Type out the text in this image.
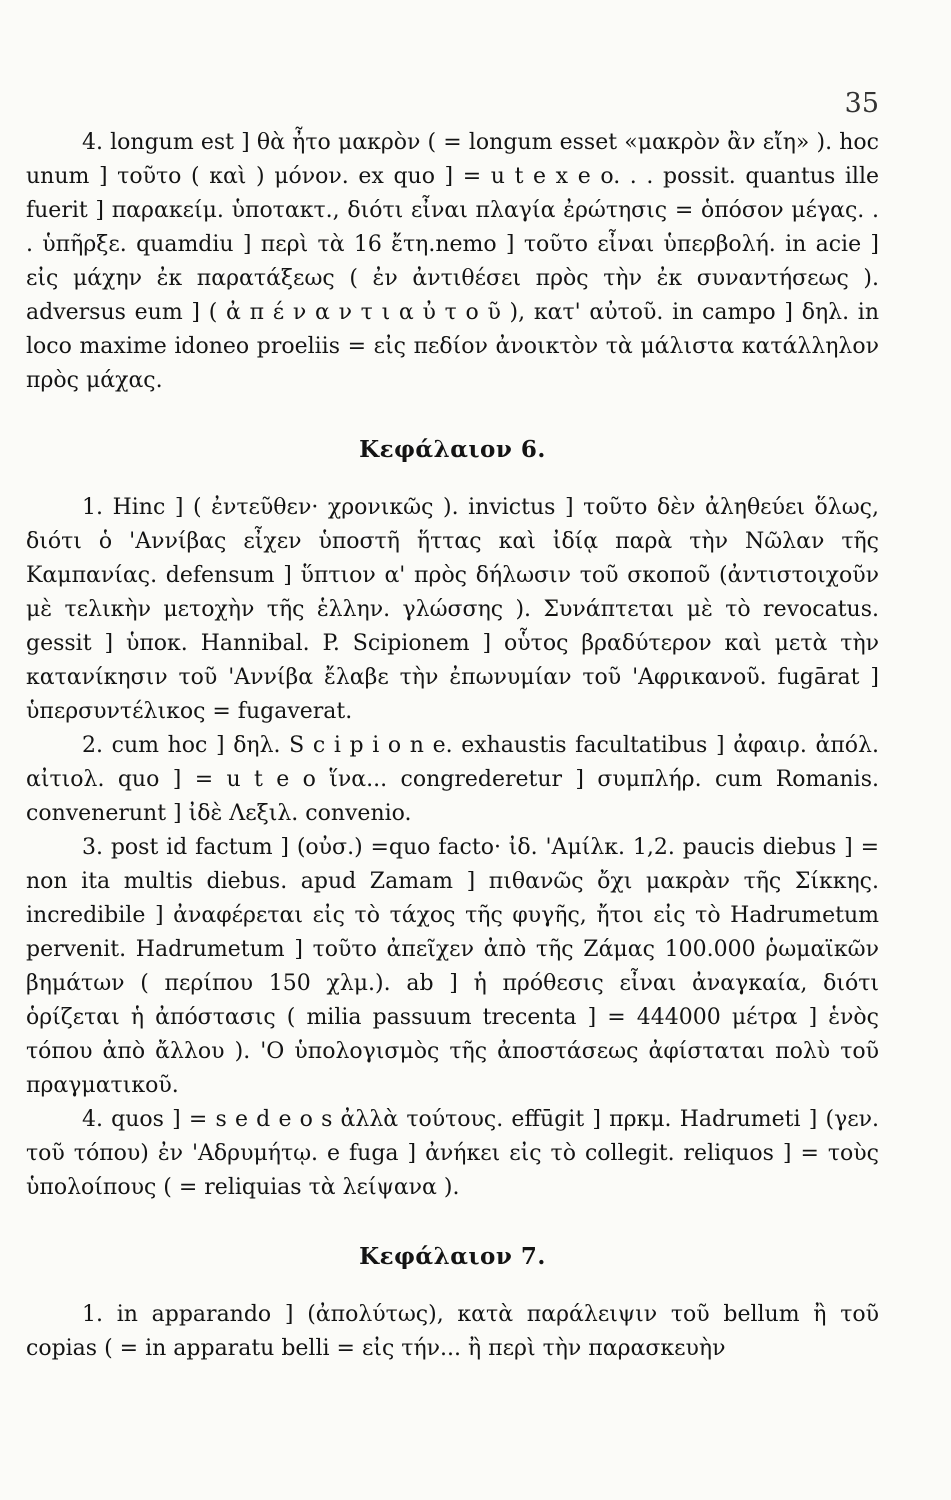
35

4. longum est ] θὰ ἦτο μακρὸν ( = longum esset «μακρὸν ἂν εἴη» ). hoc unum ] τοῦτο ( καὶ ) μόνον. ex quo ] = u t e x e o. . . possit. quantus ille fuerit ] παρακείμ. ὑποτακτ., διότι εἶναι πλαγία ἐρώτησις = ὁπόσον μέγας. . . ὑπῆρξε. quamdiu ] περὶ τὰ 16 ἔτη.nemo ] τοῦτο εἶναι ὑπερβολή. in acie ] εἰς μάχην ἐκ παρατάξεως ( ἐν ἀντιθέσει πρὸς τὴν ἐκ συναντήσεως ). adversus eum ] ( ἀ π έ ν α ν τ ι α ὐ τ ο ῦ ), κατ' αὐτοῦ. in campo ] δηλ. in loco maxime idoneo proeliis = εἰς πεδίον ἀνοικτὸν τὰ μάλιστα κατάλληλον πρὸς μάχας.

Κεφάλαιον 6.

1. Hinc ] ( ἐντεῦθεν· χρονικῶς ). invictus ] τοῦτο δὲν ἀληθεύει ὅλως, διότι ὁ 'Αννίβας εἶχεν ὑποστῆ ἥττας καὶ ἰδίᾳ παρὰ τὴν Νῶλαν τῆς Καμπανίας. defensum ] ὕπτιον α' πρὸς δήλωσιν τοῦ σκοποῦ (ἀντιστοιχοῦν μὲ τελικὴν μετοχὴν τῆς ἑλλην. γλώσσης ). Συνάπτεται μὲ τὸ revocatus. gessit ] ὑποκ. Hannibal. P. Scipionem ] οὗτος βραδύτερον καὶ μετὰ τὴν κατανίκησιν τοῦ 'Αννίβα ἔλαβε τὴν ἐπωνυμίαν τοῦ 'Αφρικανοῦ. fugārat ] ὑπερσυντέλικος = fugaverat.

2. cum hoc ] δηλ. S c i p i o n e. exhaustis facultatibus ] ἀφαιρ. ἀπόλ. αἰτιολ. quo ] = u t e o ἵνα... congrederetur ] συμπλήρ. cum Romanis. convenerunt ] ἰδὲ Λεξιλ. convenio.

3. post id factum ] (οὐσ.) =quo facto· ἰδ. 'Αμίλκ. 1,2. paucis diebus ] = non ita multis diebus. apud Zamam ] πιθανῶς ὄχι μακρὰν τῆς Σίκκης. incredibile ] ἀναφέρεται εἰς τὸ τάχος τῆς φυγῆς, ἤτοι εἰς τὸ Hadrumetum pervenit. Hadrumetum ] τοῦτο ἀπεῖχεν ἀπὸ τῆς Ζάμας 100.000 ῥωμαϊκῶν βημάτων ( περίπου 150 χλμ.). ab ] ἡ πρόθεσις εἶναι ἀναγκαία, διότι ὁρίζεται ἡ ἀπόστασις ( milia passuum trecenta ] = 444000 μέτρα ] ἑνὸς τόπου ἀπὸ ἄλλου ). 'Ο ὑπολογισμὸς τῆς ἀποστάσεως ἀφίσταται πολὺ τοῦ πραγματικοῦ.

4. quos ] = s e d e o s ἀλλὰ τούτους. effūgit ] πρκμ. Hadrumeti ] (γεν. τοῦ τόπου) ἐν 'Αδρυμήτῳ. e fuga ] ἀνήκει εἰς τὸ collegit. reliquos ] = τοὺς ὑπολοίπους ( = reliquias τὰ λείψανα ).

Κεφάλαιον 7.

1. in apparando ] (ἀπολύτως), κατὰ παράλειψιν τοῦ bellum ἢ τοῦ copias ( = in apparatu belli = εἰς τήν... ἢ περὶ τὴν παρασκευὴν
